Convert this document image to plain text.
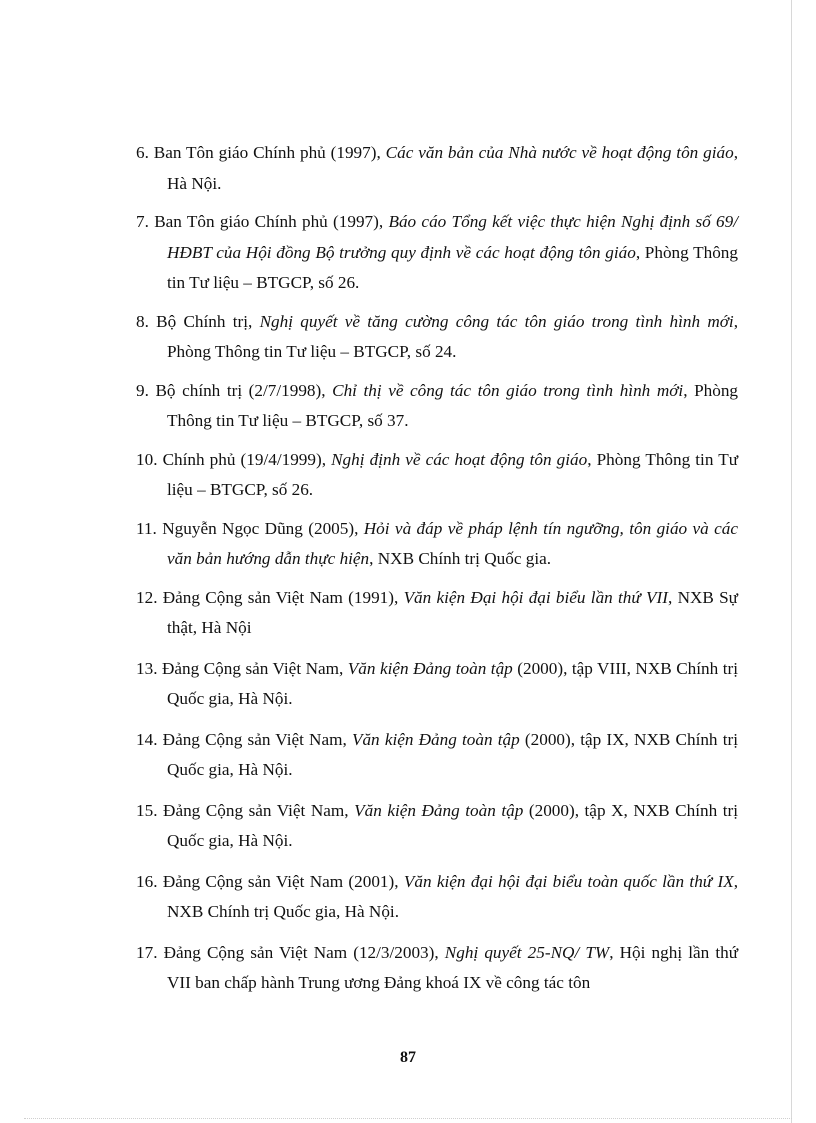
6. Ban Tôn giáo Chính phủ (1997), Các văn bản của Nhà nước về hoạt động tôn giáo, Hà Nội.
7. Ban Tôn giáo Chính phủ (1997), Báo cáo Tổng kết việc thực hiện Nghị định số 69/ HĐBT của Hội đồng Bộ trưởng quy định về các hoạt động tôn giáo, Phòng Thông tin Tư liệu – BTGCP, số 26.
8. Bộ Chính trị, Nghị quyết về tăng cường công tác tôn giáo trong tình hình mới, Phòng Thông tin Tư liệu – BTGCP, số 24.
9. Bộ chính trị (2/7/1998), Chỉ thị về công tác tôn giáo trong tình hình mới, Phòng Thông tin Tư liệu – BTGCP, số 37.
10. Chính phủ (19/4/1999), Nghị định về các hoạt động tôn giáo, Phòng Thông tin Tư liệu – BTGCP, số 26.
11. Nguyễn Ngọc Dũng (2005), Hỏi và đáp về pháp lệnh tín ngưỡng, tôn giáo và các văn bản hướng dẫn thực hiện, NXB Chính trị Quốc gia.
12. Đảng Cộng sản Việt Nam (1991), Văn kiện Đại hội đại biểu lần thứ VII, NXB Sự thật, Hà Nội
13. Đảng Cộng sản Việt Nam, Văn kiện Đảng toàn tập (2000), tập VIII, NXB Chính trị Quốc gia, Hà Nội.
14. Đảng Cộng sản Việt Nam, Văn kiện Đảng toàn tập (2000), tập IX, NXB Chính trị Quốc gia, Hà Nội.
15. Đảng Cộng sản Việt Nam, Văn kiện Đảng toàn tập (2000), tập X, NXB Chính trị Quốc gia, Hà Nội.
16. Đảng Cộng sản Việt Nam (2001), Văn kiện đại hội đại biểu toàn quốc lần thứ IX, NXB Chính trị Quốc gia, Hà Nội.
17. Đảng Cộng sản Việt Nam (12/3/2003), Nghị quyết 25-NQ/ TW, Hội nghị lần thứ VII ban chấp hành Trung ương Đảng khoá IX về công tác tôn
87
